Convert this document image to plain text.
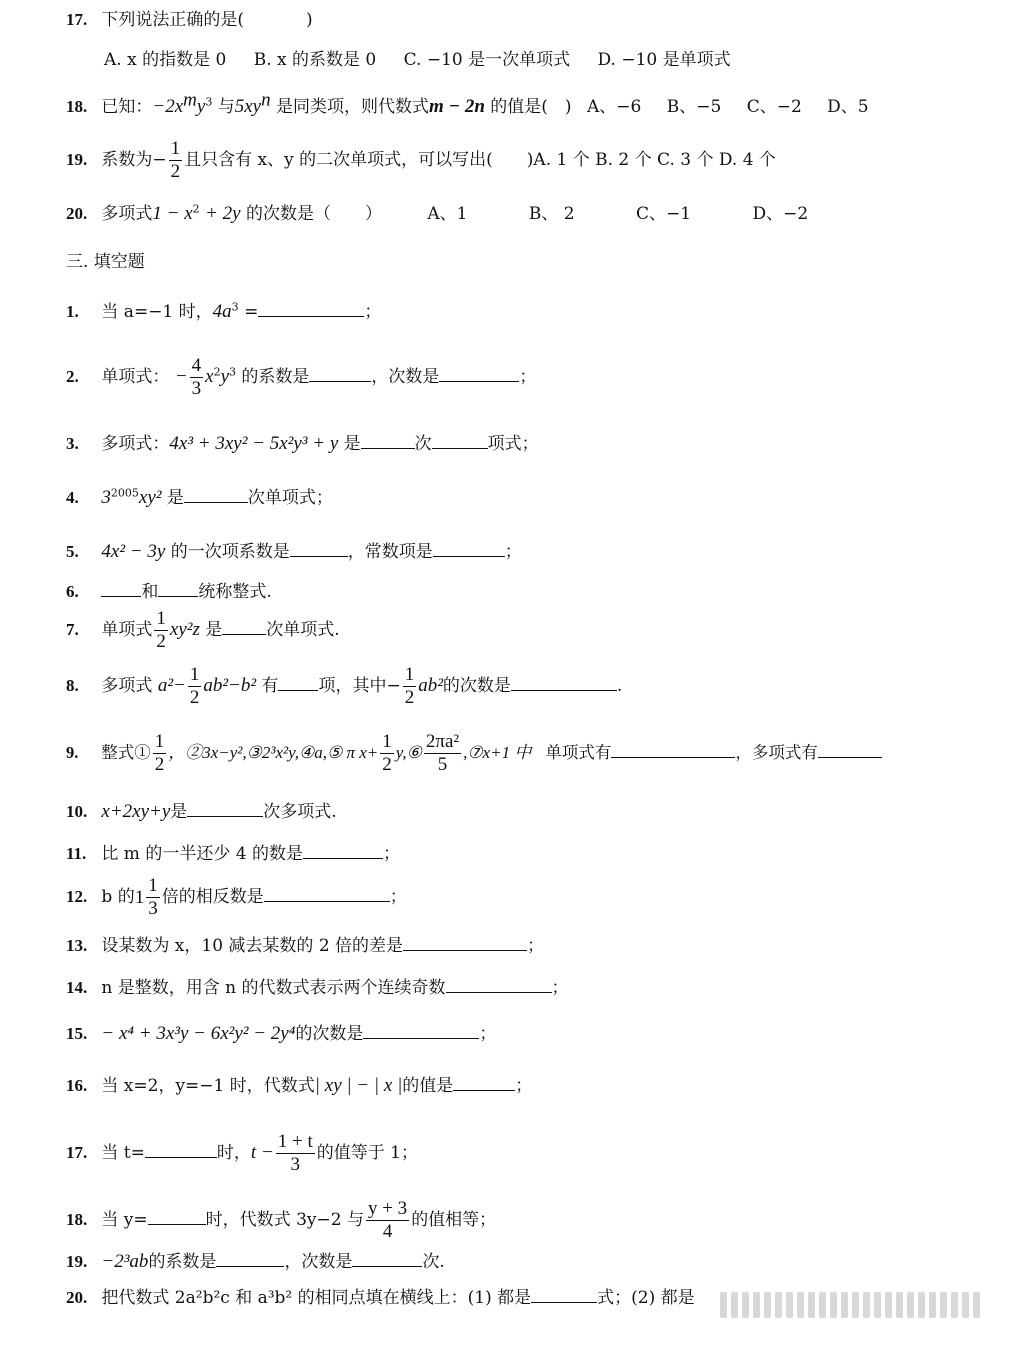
17. 下列说法正确的是(	)
A. x 的指数是 0 B. x 的系数是 0 C. −10 是一次单项式 D. −10 是单项式
18. 已知：$-2x^my^3$ 与$5xy^n$ 是同类项，则代数式m − 2n 的值是(　) A、−6 B、−5 C、−2 D、5
19. 系数为− $\frac{1}{2}$ 且只含有 x、y 的二次单项式，可以写出(　　)A. 1 个 B. 2 个 C. 3 个 D. 4 个
20. 多项式$1 - x^2 + 2y$ 的次数是（　　）	A、1	B、 2	C、−1	D、−2
三. 填空题
1. 当 a=−1 时，$4a^3$ =	；
2. 单项式： − $\frac{4}{3} x^2y^3$ 的系数是	，次数是	；
3. 多项式：4x³ + 3xy² − 5x²y³ + y 是	次	项式；
4. $3^{2005}xy^2$ 是	次单项式；
5. 4x² − 3y 的一次项系数是	，常数项是	；
6.	和 统称整式.
7. 单项式 $\frac{1}{2} xy^2z$ 是	次单项式.
8. 多项式 $a^2- \frac{1}{2} ab^2-b^2$ 有 项，其中− $\frac{1}{2} ab^2$的次数是	.
9. 整式① $\frac{1}{2}$ ，②3x−y²,③2³x²y,④a,⑤ π $x+ \frac{1}{2}$ y,⑥ $\frac{\text{2πa²}}{5}$ ,⑦x+1 中 单项式有	，多项式有
10. x+2xy+y是	次多项式.
11. 比 m 的一半还少 4 的数是	；
12. b 的$1 \frac{1}{3}$ 倍的相反数是	；
13. 设某数为 x，10 减去某数的 2 倍的差是	；
14. n 是整数，用含 n 的代数式表示两个连续奇数	；
15. − x⁴ + 3x³y − 6x²y² − 2y⁴的次数是	；
16. 当 x=2，y=−1 时，代数式| xy | − | x |的值是	；
17. 当 t=	时，$t - \frac{1 + t}{3}$ 的值等于 1；
18. 当 y=	时，代数式 3y−2 与 $\frac{y + 3}{4}$ 的值相等；
19. −2³ab的系数是	，次数是	次.
20. 把代数式 2a²b²c 和 a³b² 的相同点填在横线上：(1) 都是	式；(2) 都是
